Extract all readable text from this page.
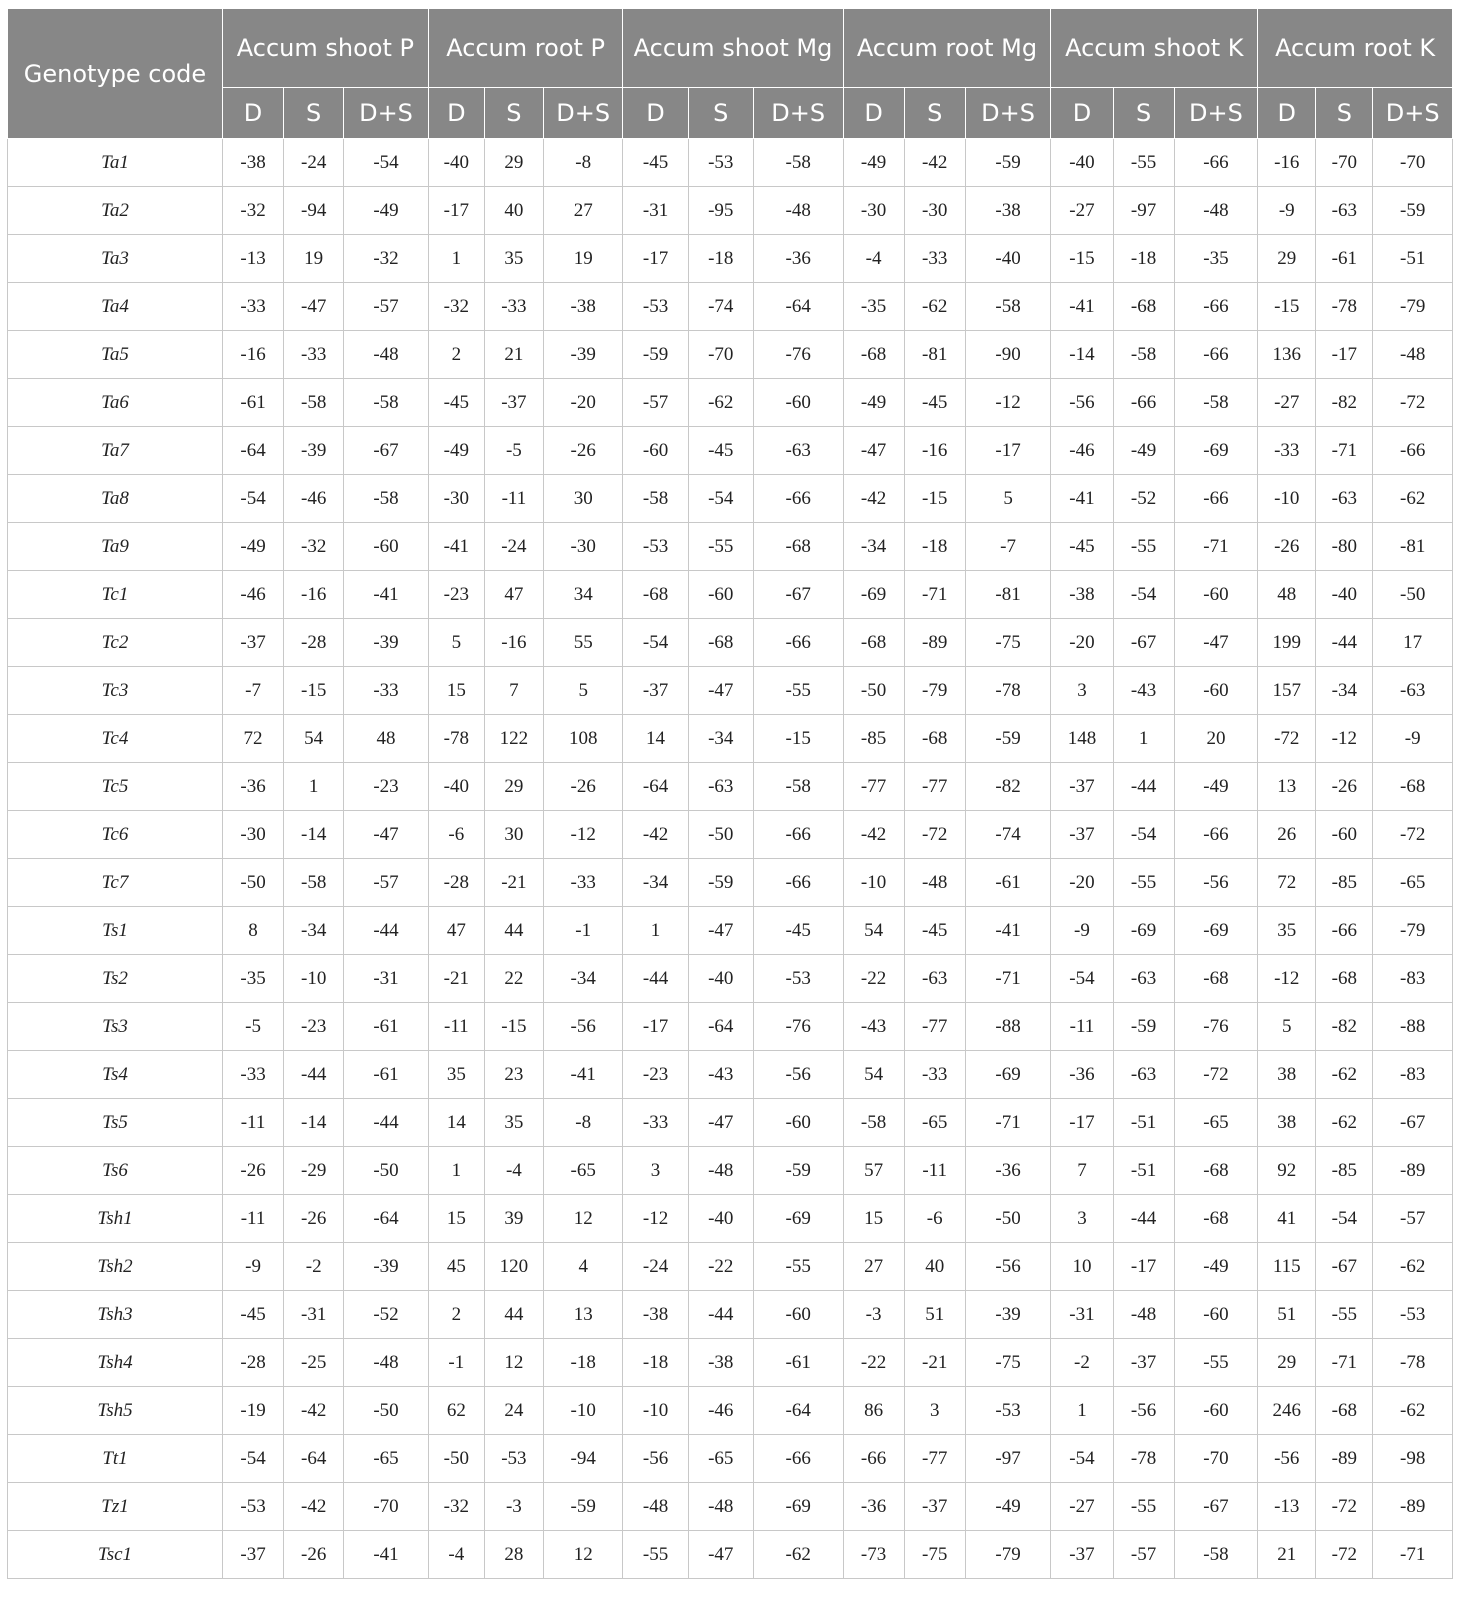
Genotype code	Accum shoot P			Accum root P			Accum shoot Mg			Accum root Mg			Accum shoot K			Accum root K		
	D	S	D+S	D	S	D+S	D	S	D+S	D	S	D+S	D	S	D+S	D	S	D+S
Ta1	-38	-24	-54	-40	29	-8	-45	-53	-58	-49	-42	-59	-40	-55	-66	-16	-70	-70
Ta2	-32	-94	-49	-17	40	27	-31	-95	-48	-30	-30	-38	-27	-97	-48	-9	-63	-59
Ta3	-13	19	-32	1	35	19	-17	-18	-36	-4	-33	-40	-15	-18	-35	29	-61	-51
Ta4	-33	-47	-57	-32	-33	-38	-53	-74	-64	-35	-62	-58	-41	-68	-66	-15	-78	-79
Ta5	-16	-33	-48	2	21	-39	-59	-70	-76	-68	-81	-90	-14	-58	-66	136	-17	-48
Ta6	-61	-58	-58	-45	-37	-20	-57	-62	-60	-49	-45	-12	-56	-66	-58	-27	-82	-72
Ta7	-64	-39	-67	-49	-5	-26	-60	-45	-63	-47	-16	-17	-46	-49	-69	-33	-71	-66
Ta8	-54	-46	-58	-30	-11	30	-58	-54	-66	-42	-15	5	-41	-52	-66	-10	-63	-62
Ta9	-49	-32	-60	-41	-24	-30	-53	-55	-68	-34	-18	-7	-45	-55	-71	-26	-80	-81
Tc1	-46	-16	-41	-23	47	34	-68	-60	-67	-69	-71	-81	-38	-54	-60	48	-40	-50
Tc2	-37	-28	-39	5	-16	55	-54	-68	-66	-68	-89	-75	-20	-67	-47	199	-44	17
Tc3	-7	-15	-33	15	7	5	-37	-47	-55	-50	-79	-78	3	-43	-60	157	-34	-63
Tc4	72	54	48	-78	122	108	14	-34	-15	-85	-68	-59	148	1	20	-72	-12	-9
Tc5	-36	1	-23	-40	29	-26	-64	-63	-58	-77	-77	-82	-37	-44	-49	13	-26	-68
Tc6	-30	-14	-47	-6	30	-12	-42	-50	-66	-42	-72	-74	-37	-54	-66	26	-60	-72
Tc7	-50	-58	-57	-28	-21	-33	-34	-59	-66	-10	-48	-61	-20	-55	-56	72	-85	-65
Ts1	8	-34	-44	47	44	-1	1	-47	-45	54	-45	-41	-9	-69	-69	35	-66	-79
Ts2	-35	-10	-31	-21	22	-34	-44	-40	-53	-22	-63	-71	-54	-63	-68	-12	-68	-83
Ts3	-5	-23	-61	-11	-15	-56	-17	-64	-76	-43	-77	-88	-11	-59	-76	5	-82	-88
Ts4	-33	-44	-61	35	23	-41	-23	-43	-56	54	-33	-69	-36	-63	-72	38	-62	-83
Ts5	-11	-14	-44	14	35	-8	-33	-47	-60	-58	-65	-71	-17	-51	-65	38	-62	-67
Ts6	-26	-29	-50	1	-4	-65	3	-48	-59	57	-11	-36	7	-51	-68	92	-85	-89
Tsh1	-11	-26	-64	15	39	12	-12	-40	-69	15	-6	-50	3	-44	-68	41	-54	-57
Tsh2	-9	-2	-39	45	120	4	-24	-22	-55	27	40	-56	10	-17	-49	115	-67	-62
Tsh3	-45	-31	-52	2	44	13	-38	-44	-60	-3	51	-39	-31	-48	-60	51	-55	-53
Tsh4	-28	-25	-48	-1	12	-18	-18	-38	-61	-22	-21	-75	-2	-37	-55	29	-71	-78
Tsh5	-19	-42	-50	62	24	-10	-10	-46	-64	86	3	-53	1	-56	-60	246	-68	-62
Tt1	-54	-64	-65	-50	-53	-94	-56	-65	-66	-66	-77	-97	-54	-78	-70	-56	-89	-98
Tz1	-53	-42	-70	-32	-3	-59	-48	-48	-69	-36	-37	-49	-27	-55	-67	-13	-72	-89
Tsc1	-37	-26	-41	-4	28	12	-55	-47	-62	-73	-75	-79	-37	-57	-58	21	-72	-71
